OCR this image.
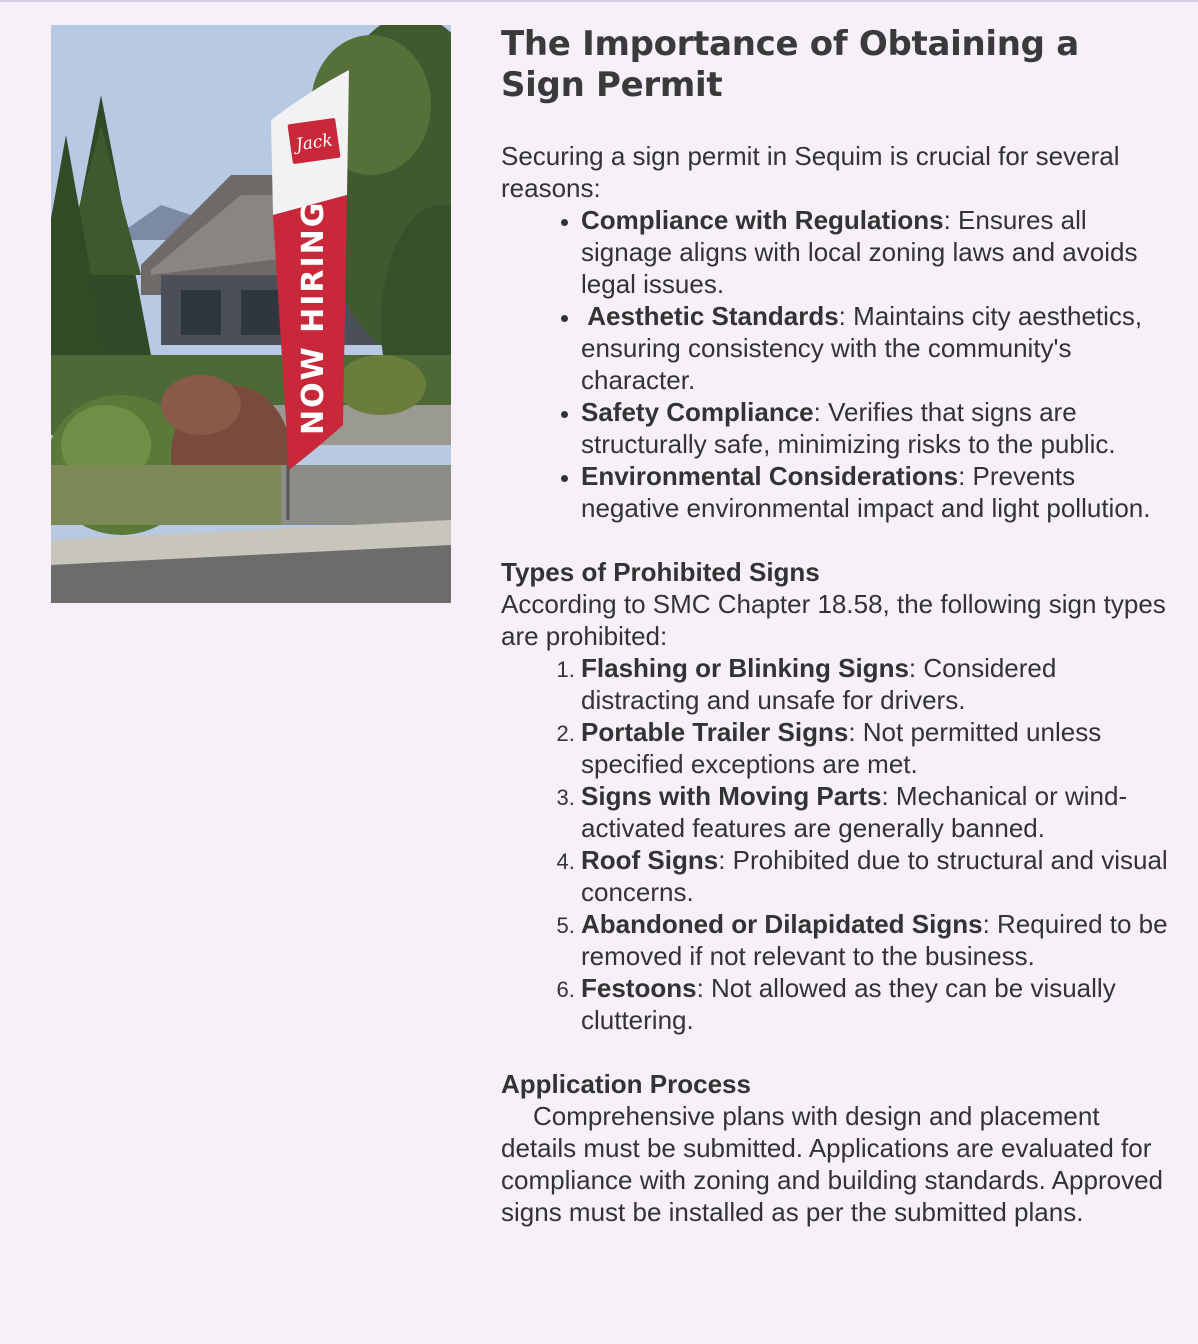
Jack
NOW HIRING
The Importance of Obtaining a Sign Permit

Securing a sign permit in Sequim is crucial for several reasons:

• Compliance with Regulations: Ensures all signage aligns with local zoning laws and avoids legal issues.
•  Aesthetic Standards: Maintains city aesthetics, ensuring consistency with the community's character.
• Safety Compliance: Verifies that signs are structurally safe, minimizing risks to the public.
• Environmental Considerations: Prevents negative environmental impact and light pollution.
Types of Prohibited Signs

According to SMC Chapter 18.58, the following sign types are prohibited:

1. Flashing or Blinking Signs: Considered distracting and unsafe for drivers.
2. Portable Trailer Signs: Not permitted unless specified exceptions are met.
3. Signs with Moving Parts: Mechanical or wind-activated features are generally banned.
4. Roof Signs: Prohibited due to structural and visual concerns.
5. Abandoned or Dilapidated Signs: Required to be removed if not relevant to the business.
6. Festoons: Not allowed as they can be visually cluttering.
Application Process

Comprehensive plans with design and placement details must be submitted. Applications are evaluated for compliance with zoning and building standards. Approved signs must be installed as per the submitted plans.
